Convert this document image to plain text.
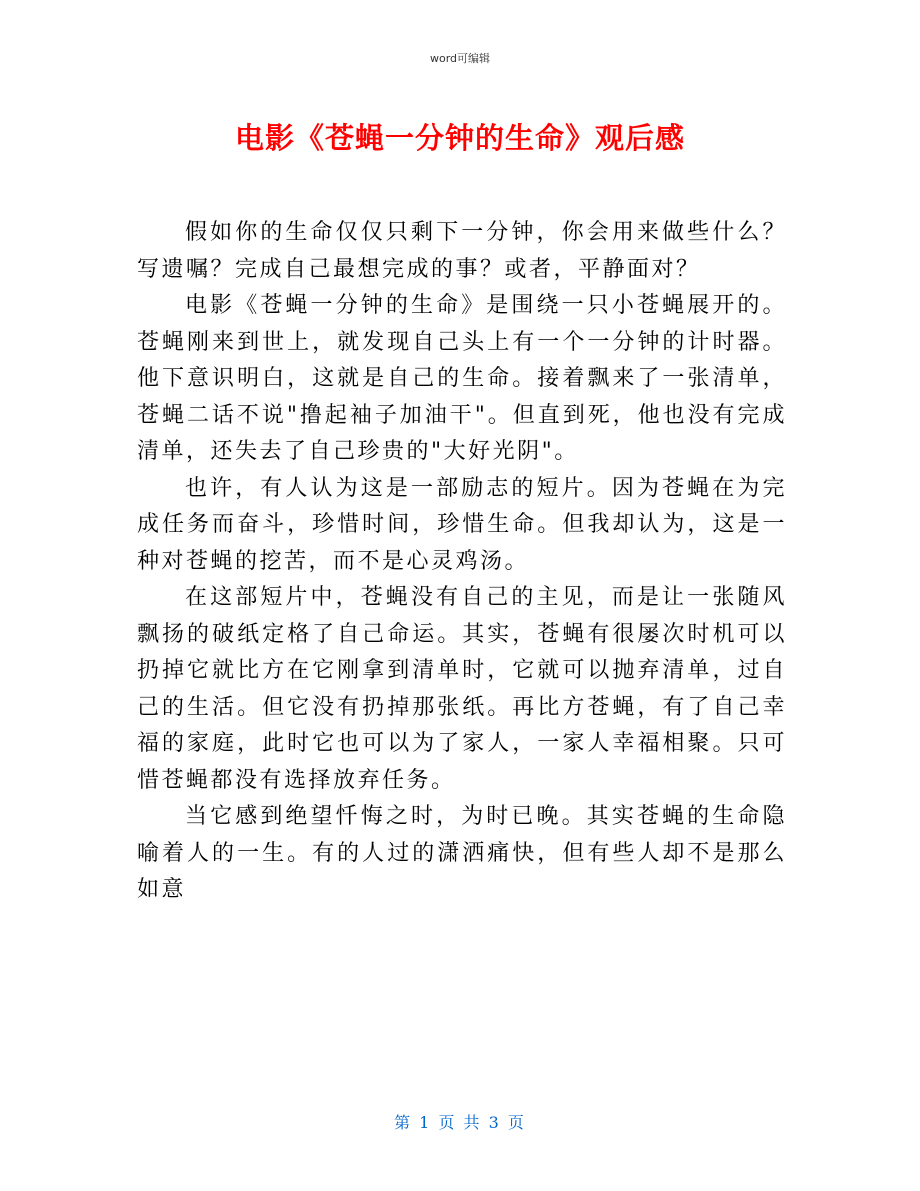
word可编辑
电影《苍蝇一分钟的生命》观后感

假如你的生命仅仅只剩下一分钟，你会用来做些什么？写遗嘱？完成自己最想完成的事？或者，平静面对？

电影《苍蝇一分钟的生命》是围绕一只小苍蝇展开的。苍蝇刚来到世上，就发现自己头上有一个一分钟的计时器。他下意识明白，这就是自己的生命。接着飘来了一张清单，苍蝇二话不说"撸起袖子加油干"。但直到死，他也没有完成清单，还失去了自己珍贵的"大好光阴"。

也许，有人认为这是一部励志的短片。因为苍蝇在为完成任务而奋斗，珍惜时间，珍惜生命。但我却认为，这是一种对苍蝇的挖苦，而不是心灵鸡汤。

在这部短片中，苍蝇没有自己的主见，而是让一张随风飘扬的破纸定格了自己命运。其实，苍蝇有很屡次时机可以扔掉它就比方在它刚拿到清单时，它就可以抛弃清单，过自己的生活。但它没有扔掉那张纸。再比方苍蝇，有了自己幸福的家庭，此时它也可以为了家人，一家人幸福相聚。只可惜苍蝇都没有选择放弃任务。

当它感到绝望忏悔之时，为时已晚。其实苍蝇的生命隐喻着人的一生。有的人过的潇洒痛快，但有些人却不是那么如意

第 1 页 共 3 页
